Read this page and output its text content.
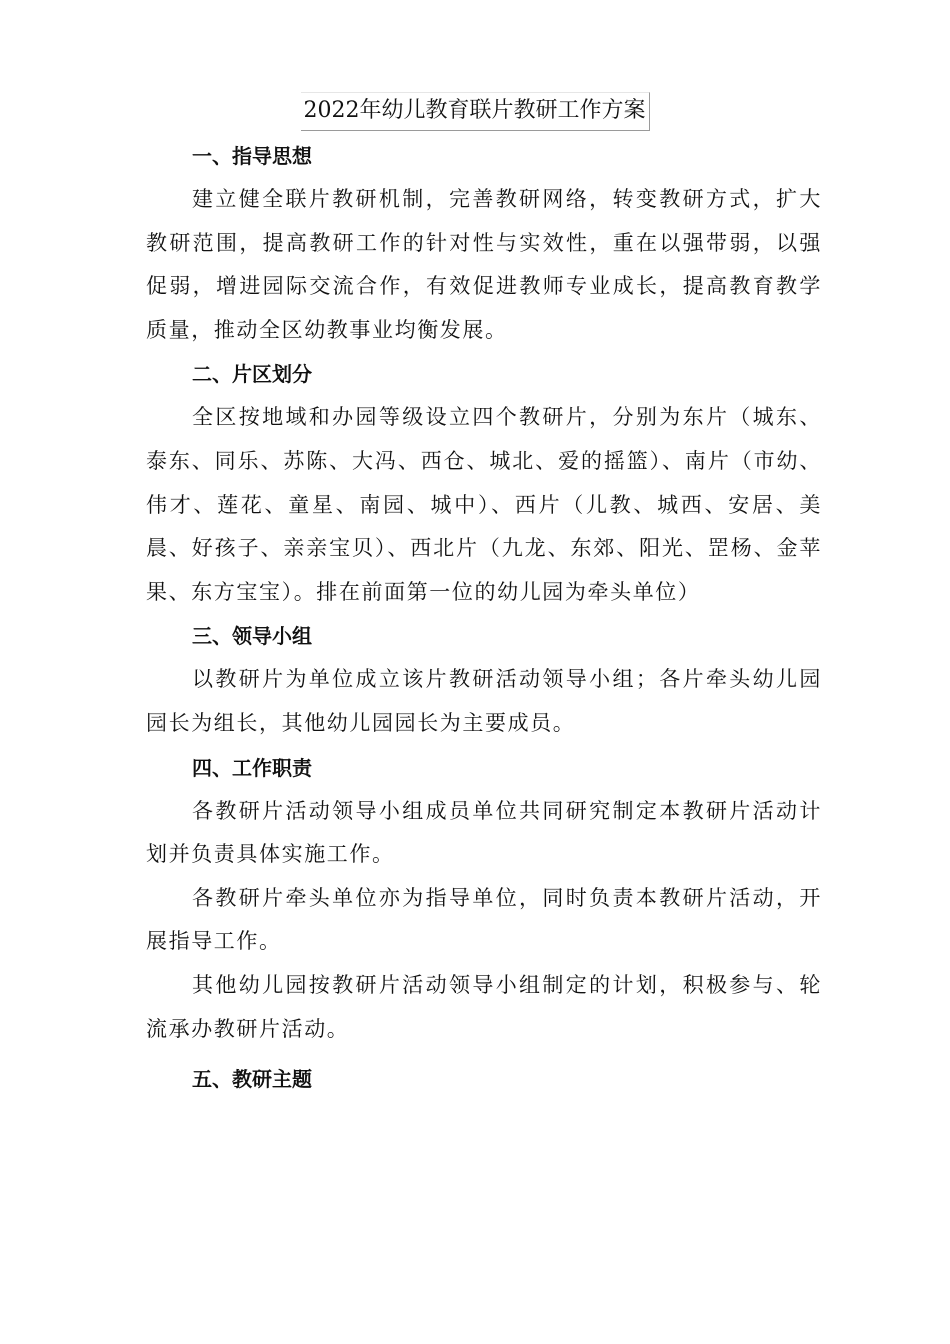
2022年幼儿教育联片教研工作方案
一、指导思想

建立健全联片教研机制，完善教研网络，转变教研方式，扩大教研范围，提高教研工作的针对性与实效性，重在以强带弱，以强促弱，增进园际交流合作，有效促进教师专业成长，提高教育教学质量，推动全区幼教事业均衡发展。

二、片区划分

全区按地域和办园等级设立四个教研片，分别为东片（城东、泰东、同乐、苏陈、大冯、西仓、城北、爱的摇篮）、南片（市幼、伟才、莲花、童星、南园、城中）、西片（儿教、城西、安居、美晨、好孩子、亲亲宝贝）、西北片（九龙、东郊、阳光、罡杨、金苹果、东方宝宝）。排在前面第一位的幼儿园为牵头单位）

三、领导小组

以教研片为单位成立该片教研活动领导小组；各片牵头幼儿园园长为组长，其他幼儿园园长为主要成员。

四、工作职责

各教研片活动领导小组成员单位共同研究制定本教研片活动计划并负责具体实施工作。

各教研片牵头单位亦为指导单位，同时负责本教研片活动，开展指导工作。

其他幼儿园按教研片活动领导小组制定的计划，积极参与、轮流承办教研片活动。

五、教研主题
